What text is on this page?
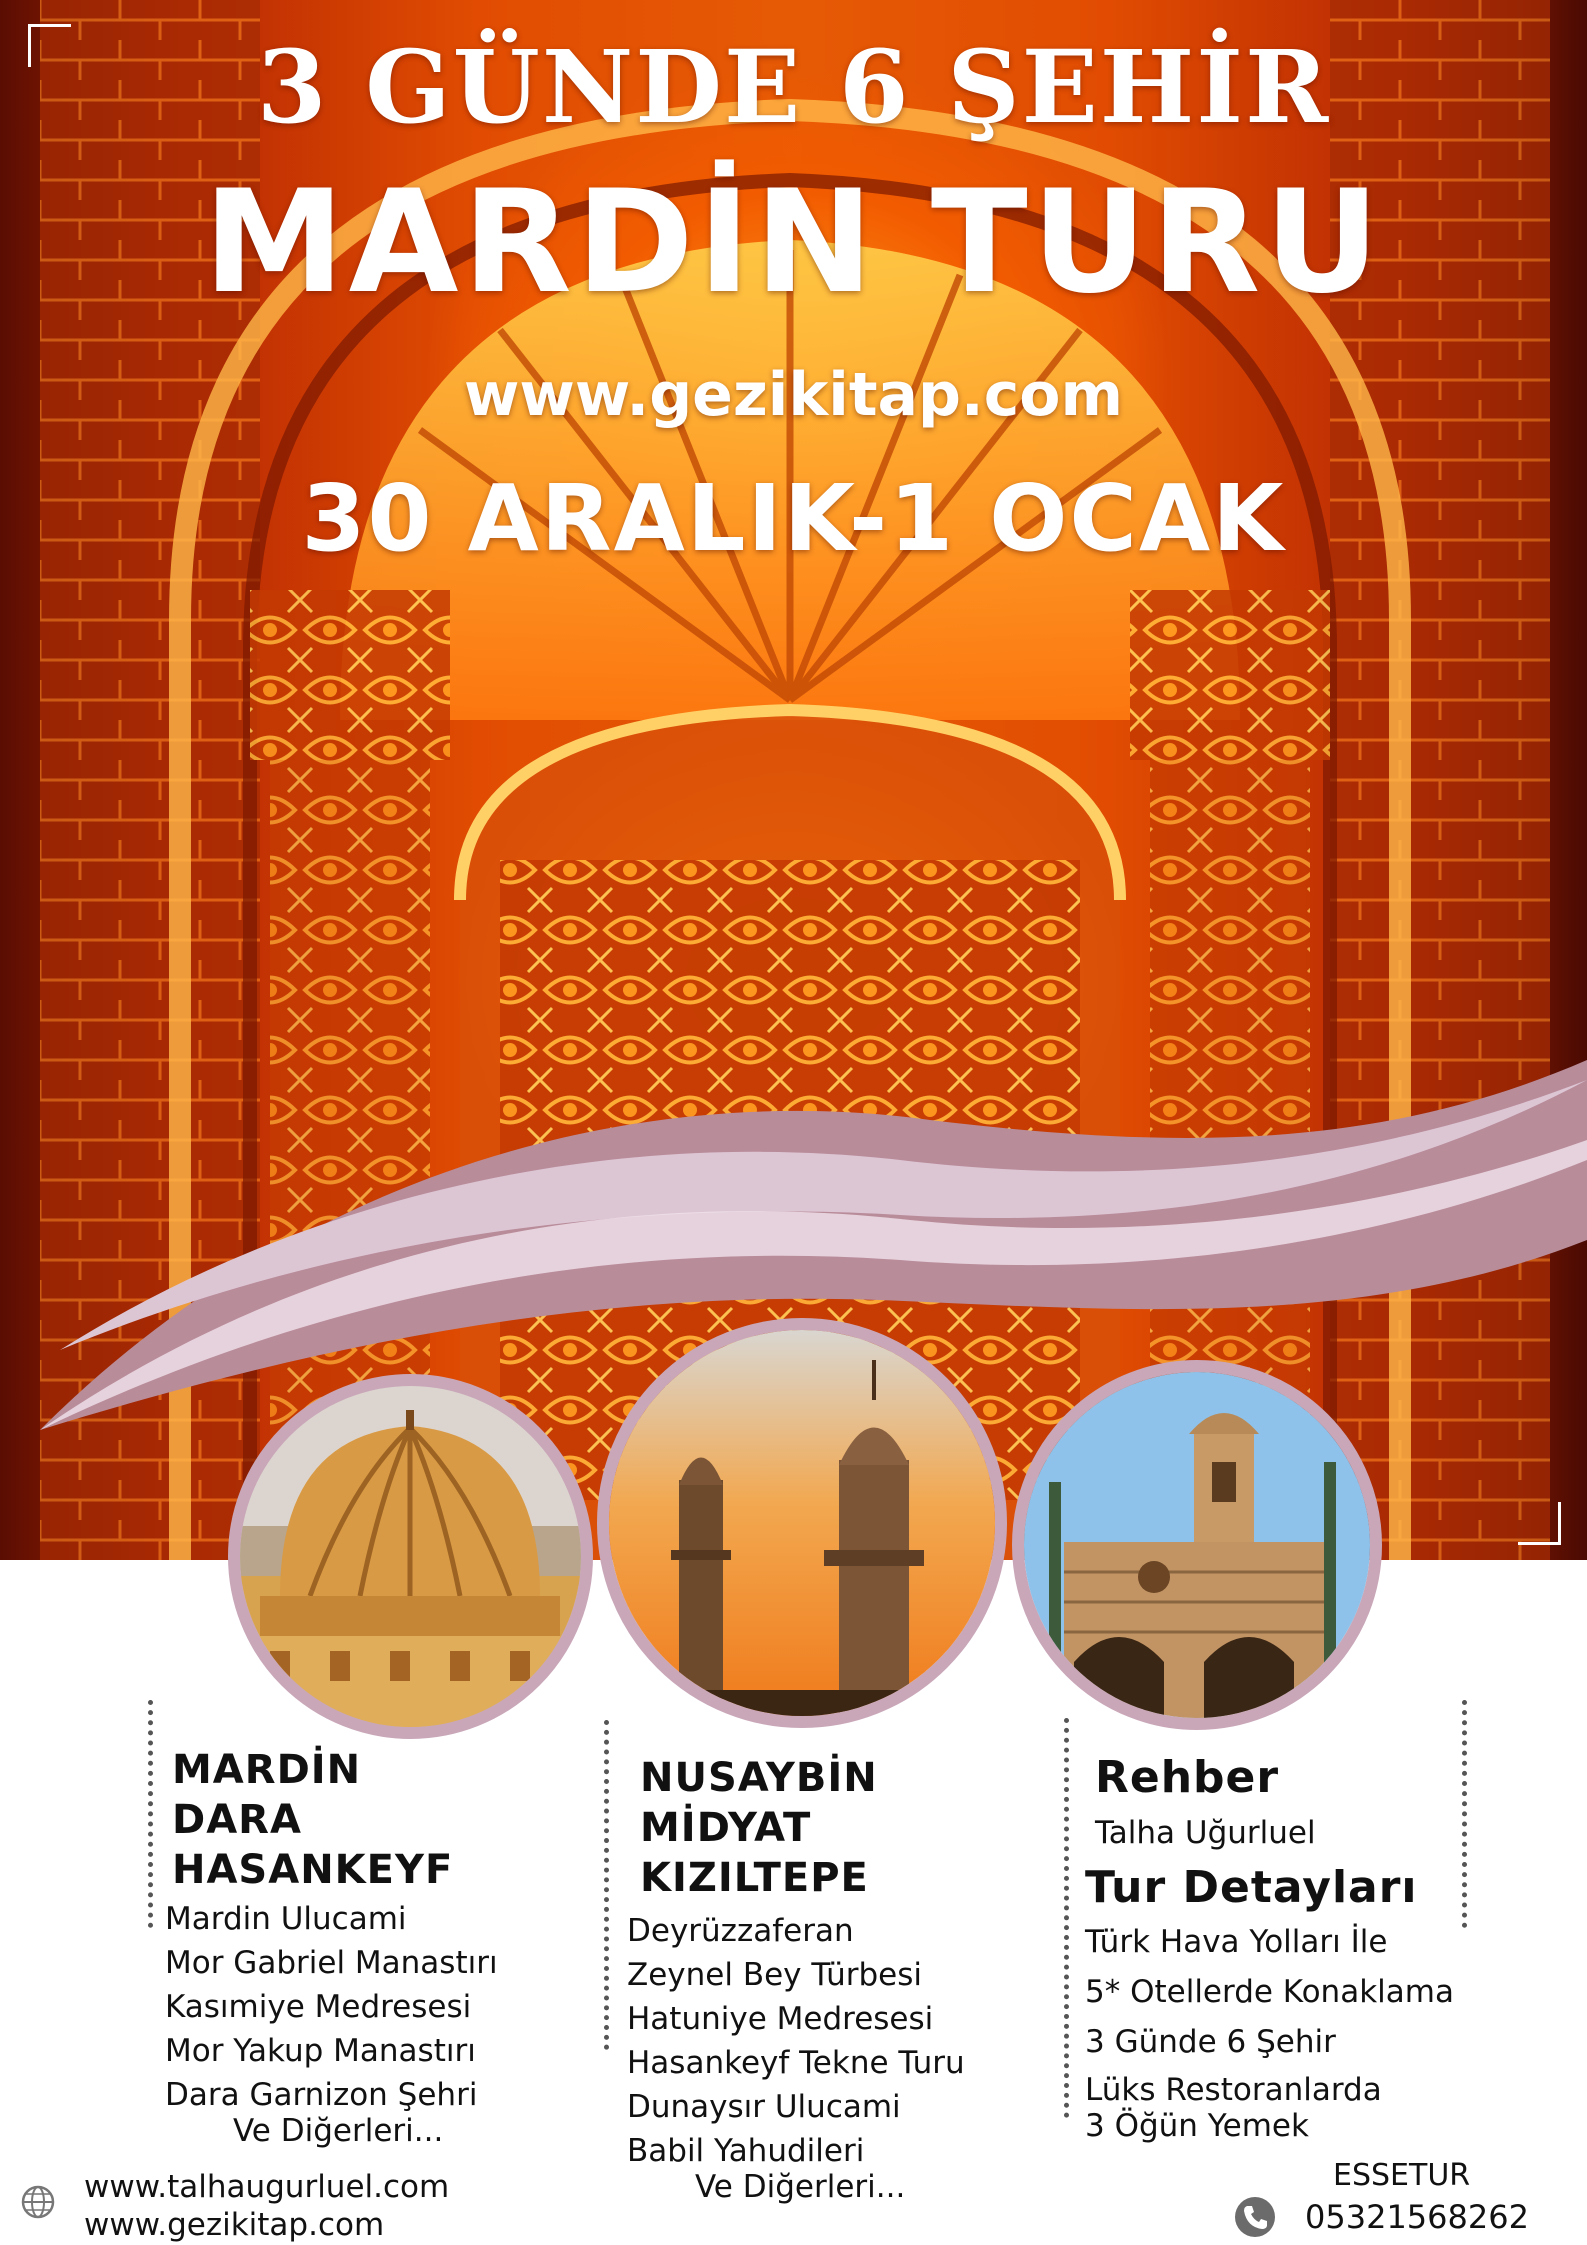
3 GÜNDE 6 ŞEHİR
MARDİN TURU
www.gezikitap.com
30 ARALIK-1 OCAK
MARDİN
DARA
HASANKEYF
Mardin Ulucami
Mor Gabriel Manastırı
Kasımiye Medresesi
Mor Yakup Manastırı
Dara Garnizon Şehri
Ve Diğerleri...
NUSAYBİN
MİDYAT
KIZILTEPE
Deyrüzzaferan
Zeynel Bey Türbesi
Hatuniye Medresesi
Hasankeyf Tekne Turu
Dunaysır Ulucami
Babil Yahudileri
Ve Diğerleri...
Rehber
Talha Uğurluel
Tur Detayları
Türk Hava Yolları İle
5* Otellerde Konaklama
3 Günde 6 Şehir
Lüks Restoranlarda
3 Öğün Yemek
www.talhaugurluel.com
www.gezikitap.com
ESSETUR
05321568262
